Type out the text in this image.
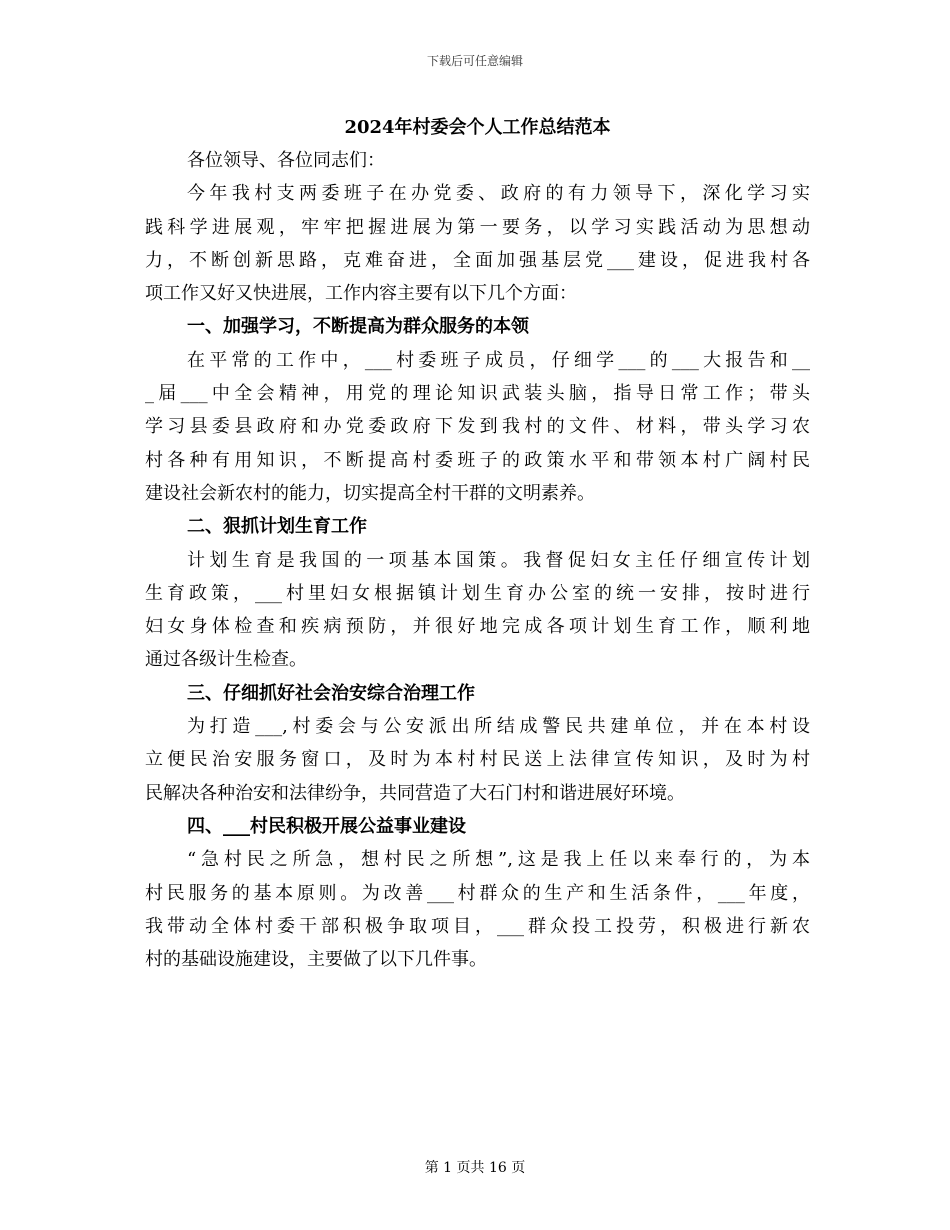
下载后可任意编辑
2024年村委会个人工作总结范本
各位领导、各位同志们：
今年我村支两委班子在办党委、政府的有力领导下，深化学习实
践科学进展观，牢牢把握进展为第一要务，以学习实践活动为思想动
力，不断创新思路，克难奋进，全面加强基层党___建设，促进我村各
项工作又好又快进展，工作内容主要有以下几个方面：
一、加强学习，不断提高为群众服务的本领
在平常的工作中，___村委班子成员，仔细学___的___大报告和__
_届___中全会精神，用党的理论知识武装头脑，指导日常工作；带头
学习县委县政府和办党委政府下发到我村的文件、材料，带头学习农
村各种有用知识，不断提高村委班子的政策水平和带领本村广阔村民
建设社会新农村的能力，切实提高全村干群的文明素养。
二、狠抓计划生育工作
计划生育是我国的一项基本国策。我督促妇女主任仔细宣传计划
生育政策，___村里妇女根据镇计划生育办公室的统一安排，按时进行
妇女身体检查和疾病预防，并很好地完成各项计划生育工作，顺利地
通过各级计生检查。
三、仔细抓好社会治安综合治理工作
为打造___,村委会与公安派出所结成警民共建单位，并在本村设
立便民治安服务窗口，及时为本村村民送上法律宣传知识，及时为村
民解决各种治安和法律纷争，共同营造了大石门村和谐进展好环境。
四、___村民积极开展公益事业建设
“急村民之所急，想村民之所想”,这是我上任以来奉行的，为本
村民服务的基本原则。为改善___村群众的生产和生活条件，___年度，
我带动全体村委干部积极争取项目，___群众投工投劳，积极进行新农
村的基础设施建设，主要做了以下几件事。
第 1 页共 16 页
